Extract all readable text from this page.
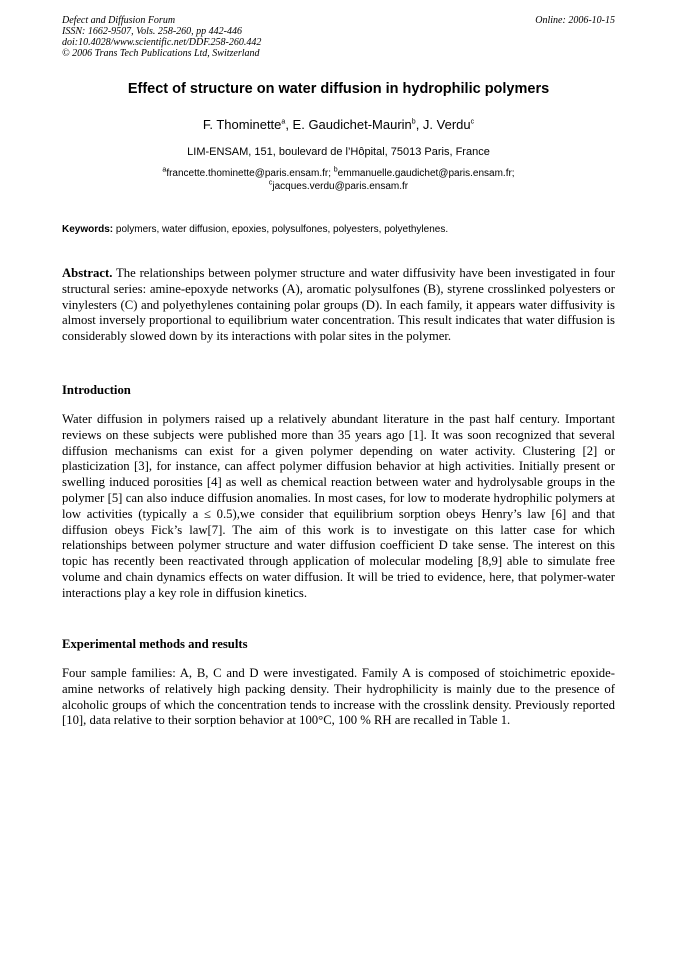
Defect and Diffusion Forum
ISSN: 1662-9507, Vols. 258-260, pp 442-446
doi:10.4028/www.scientific.net/DDF.258-260.442
© 2006 Trans Tech Publications Ltd, Switzerland
Online: 2006-10-15
Effect of structure on water diffusion in hydrophilic polymers
F. Thominette$^a$, E. Gaudichet-Maurin$^b$, J. Verdu$^c$
LIM-ENSAM, 151, boulevard de l’Hôpital, 75013 Paris, France
$^a$francette.thominette@paris.ensam.fr; $^b$emmanuelle.gaudichet@paris.ensam.fr;
$^c$jacques.verdu@paris.ensam.fr
Keywords: polymers, water diffusion, epoxies, polysulfones, polyesters, polyethylenes.
Abstract. The relationships between polymer structure and water diffusivity have been investigated in four structural series: amine-epoxyde networks (A), aromatic polysulfones (B), styrene crosslinked polyesters or vinylesters (C) and polyethylenes containing polar groups (D). In each family, it appears water diffusivity is almost inversely proportional to equilibrium water concentration. This result indicates that water diffusion is considerably slowed down by its interactions with polar sites in the polymer.
Introduction
Water diffusion in polymers raised up a relatively abundant literature in the past half century. Important reviews on these subjects were published more than 35 years ago [1]. It was soon recognized that several diffusion mechanisms can exist for a given polymer depending on water activity. Clustering [2] or plasticization [3], for instance, can affect polymer diffusion behavior at high activities. Initially present or swelling induced porosities [4] as well as chemical reaction between water and hydrolysable groups in the polymer [5] can also induce diffusion anomalies. In most cases, for low to moderate hydrophilic polymers at low activities (typically a ≤ 0.5),we consider that equilibrium sorption obeys Henry’s law [6] and that diffusion obeys Fick’s law[7]. The aim of this work is to investigate on this latter case for which relationships between polymer structure and water diffusion coefficient D take sense. The interest on this topic has recently been reactivated through application of molecular modeling [8,9] able to simulate free volume and chain dynamics effects on water diffusion. It will be tried to evidence, here, that polymer-water interactions play a key role in diffusion kinetics.
Experimental methods and results
Four sample families: A, B, C and D were investigated. Family A is composed of stoichimetric epoxide-amine networks of relatively high packing density. Their hydrophilicity is mainly due to the presence of alcoholic groups of which the concentration tends to increase with the crosslink density. Previously reported [10], data relative to their sorption behavior at 100°C, 100 % RH are recalled in Table 1.
